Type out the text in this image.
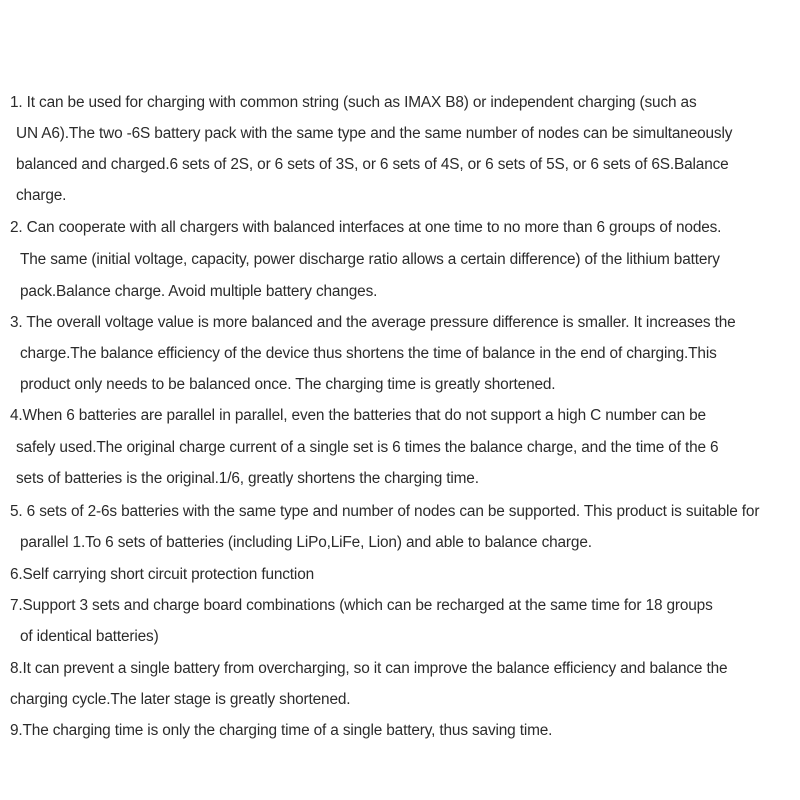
1. It can be used for charging with common string (such as IMAX B8) or independent charging (such as
UN A6).The two -6S battery pack with the same type and the same number of nodes can be simultaneously
balanced and charged.6 sets of 2S, or 6 sets of 3S, or 6 sets of 4S, or 6 sets of 5S, or 6 sets of 6S.Balance
charge.
2. Can cooperate with all chargers with balanced interfaces at one time to no more than 6 groups of nodes.
The same (initial voltage, capacity, power discharge ratio allows a certain difference) of the lithium battery
pack.Balance charge. Avoid multiple battery changes.
3. The overall voltage value is more balanced and the average pressure difference is smaller. It increases the
charge.The balance efficiency of the device thus shortens the time of balance in the end of charging.This
product only needs to be balanced once. The charging time is greatly shortened.
4.When 6 batteries are parallel in parallel, even the batteries that do not support a high C number can be
safely used.The original charge current of a single set is 6 times the balance charge, and the time of the 6
sets of batteries is the original.1/6, greatly shortens the charging time.
5. 6 sets of 2-6s batteries with the same type and number of nodes can be supported. This product is suitable for
parallel 1.To 6 sets of batteries (including LiPo,LiFe, Lion) and able to balance charge.
6.Self carrying short circuit protection function
7.Support 3 sets and charge board combinations (which can be recharged at the same time for 18 groups
of identical batteries)
8.It can prevent a single battery from overcharging, so it can improve the balance efficiency and balance the
charging cycle.The later stage is greatly shortened.
9.The charging time is only the charging time of a single battery, thus saving time.
